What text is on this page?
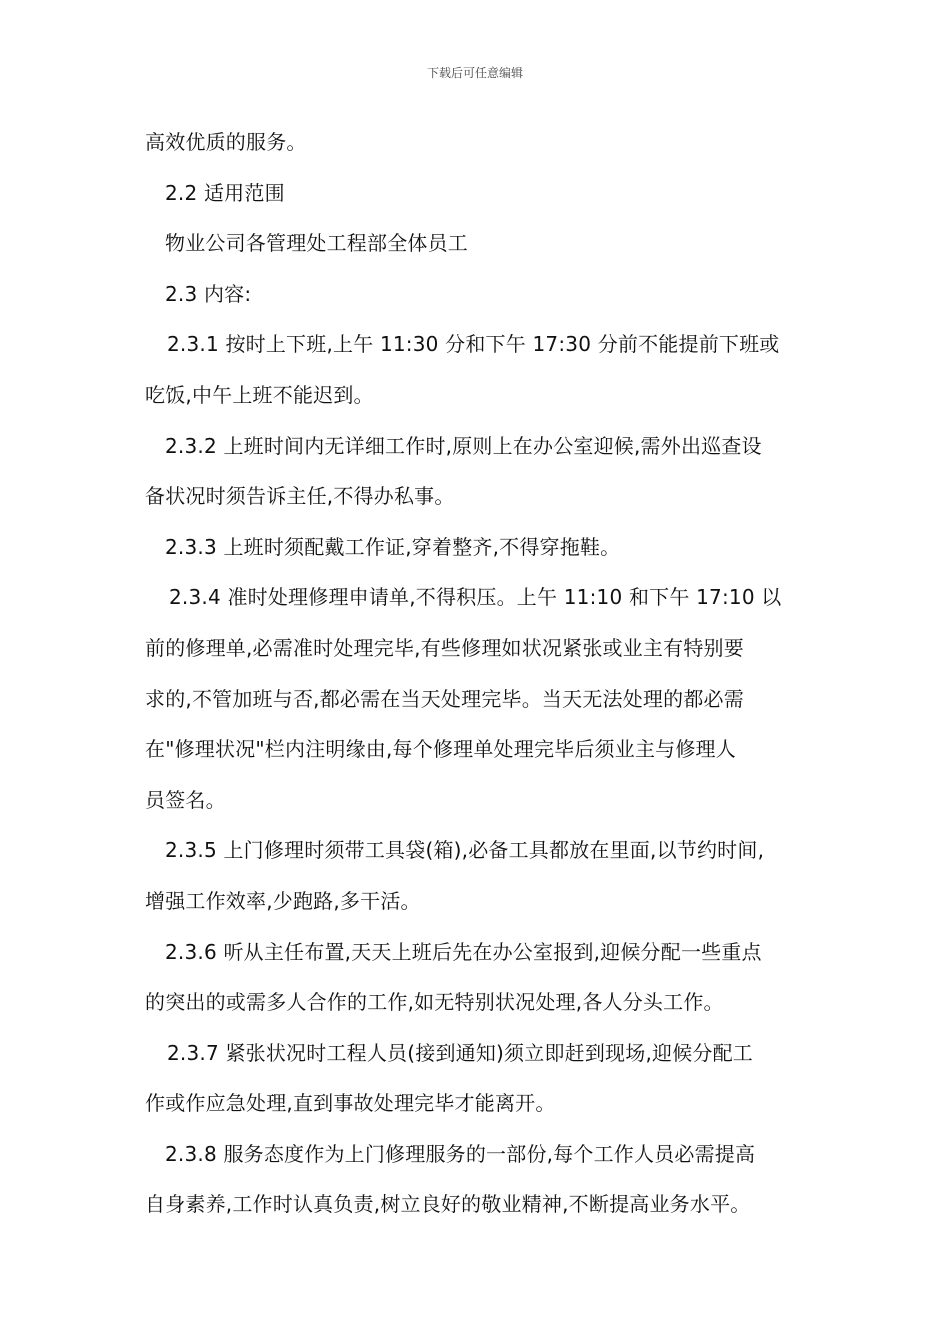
下载后可任意编辑

高效优质的服务。

2.2 适用范围

物业公司各管理处工程部全体员工

2.3 内容:

2.3.1 按时上下班,上午 11:30 分和下午 17:30 分前不能提前下班或

吃饭,中午上班不能迟到。

2.3.2 上班时间内无详细工作时,原则上在办公室迎候,需外出巡查设

备状况时须告诉主任,不得办私事。

2.3.3 上班时须配戴工作证,穿着整齐,不得穿拖鞋。

2.3.4 准时处理修理申请单,不得积压。上午 11:10 和下午 17:10 以

前的修理单,必需准时处理完毕,有些修理如状况紧张或业主有特别要

求的,不管加班与否,都必需在当天处理完毕。当天无法处理的都必需

在"修理状况"栏内注明缘由,每个修理单处理完毕后须业主与修理人

员签名。

2.3.5 上门修理时须带工具袋(箱),必备工具都放在里面,以节约时间,

增强工作效率,少跑路,多干活。

2.3.6 听从主任布置,天天上班后先在办公室报到,迎候分配一些重点

的突出的或需多人合作的工作,如无特别状况处理,各人分头工作。

2.3.7 紧张状况时工程人员(接到通知)须立即赶到现场,迎候分配工

作或作应急处理,直到事故处理完毕才能离开。

2.3.8 服务态度作为上门修理服务的一部份,每个工作人员必需提高

自身素养,工作时认真负责,树立良好的敬业精神,不断提高业务水平。
